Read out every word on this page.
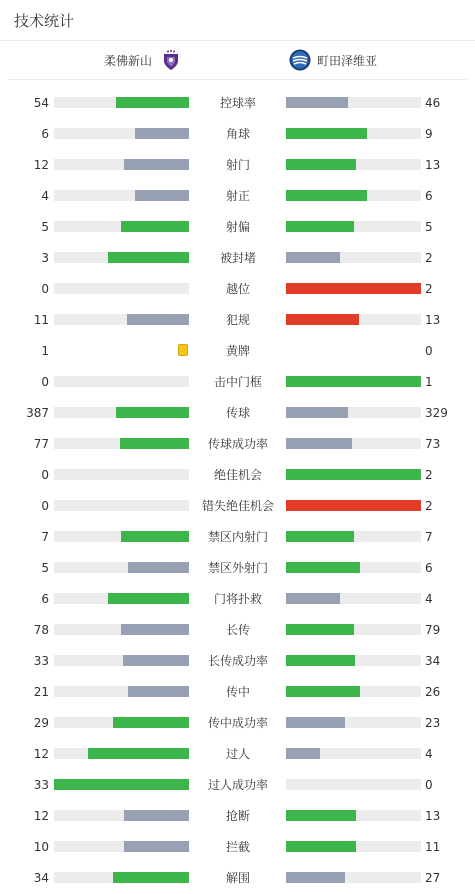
技术统计
柔佛新山	町田泽维亚
54	控球率	46
6	角球	9
12	射门	13
4	射正	6
5	射偏	5
3	被封堵	2
0	越位	2
11	犯规	13
1	黄牌	0
0	击中门框	1
387	传球	329
77	传球成功率	73
0	绝佳机会	2
0	错失绝佳机会	2
7	禁区内射门	7
5	禁区外射门	6
6	门将扑救	4
78	长传	79
33	长传成功率	34
21	传中	26
29	传中成功率	23
12	过人	4
33	过人成功率	0
12	抢断	13
10	拦截	11
34	解围	27
